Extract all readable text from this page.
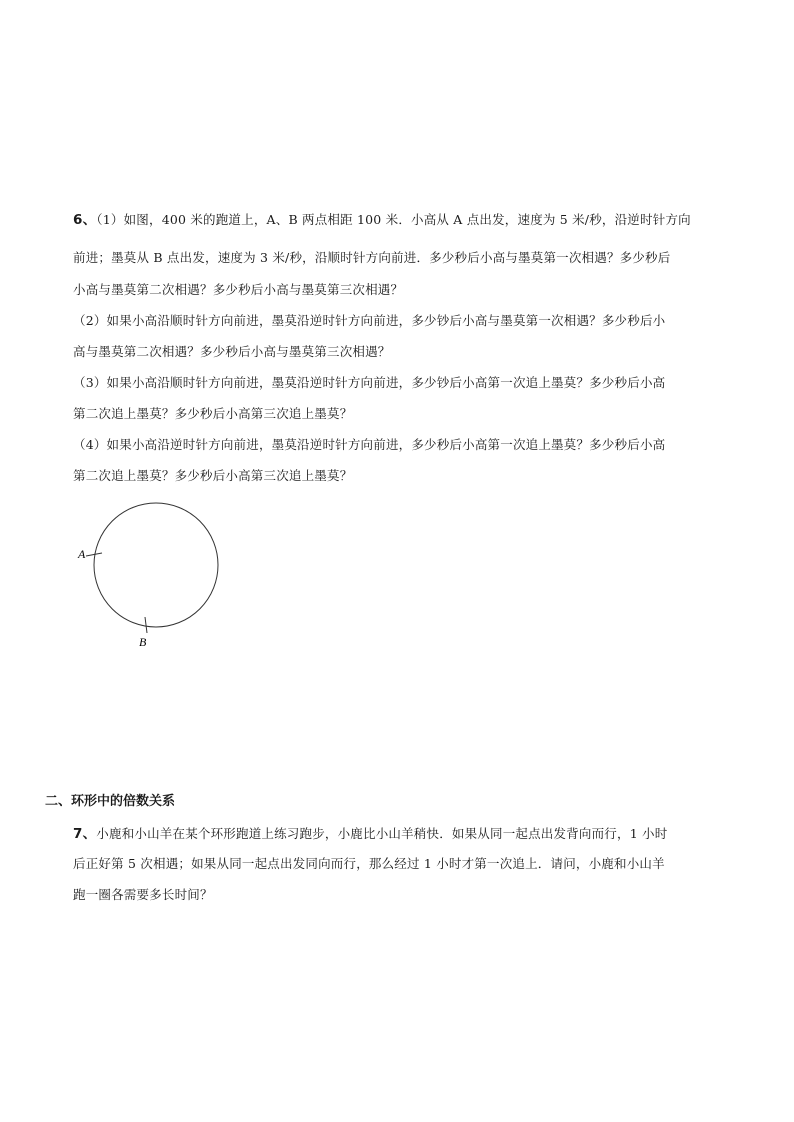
6、（1）如图，400 米的跑道上，A、B 两点相距 100 米．小高从 A 点出发，速度为 5 米/秒，沿逆时针方向
前进；墨莫从 B 点出发，速度为 3 米/秒，沿顺时针方向前进．多少秒后小高与墨莫第一次相遇？多少秒后
小高与墨莫第二次相遇？多少秒后小高与墨莫第三次相遇？
（2）如果小高沿顺时针方向前进，墨莫沿逆时针方向前进，多少钞后小高与墨莫第一次相遇？多少秒后小
高与墨莫第二次相遇？多少秒后小高与墨莫第三次相遇？
（3）如果小高沿顺时针方向前进，墨莫沿逆时针方向前进，多少钞后小高第一次追上墨莫？多少秒后小高
第二次追上墨莫？多少秒后小高第三次追上墨莫？
（4）如果小高沿逆时针方向前进，墨莫沿逆时针方向前进，多少秒后小高第一次追上墨莫？多少秒后小高
第二次追上墨莫？多少秒后小高第三次追上墨莫？
A
B
二、环形中的倍数关系
7、小鹿和小山羊在某个环形跑道上练习跑步，小鹿比小山羊稍快．如果从同一起点出发背向而行，1 小时
后正好第 5 次相遇；如果从同一起点出发同向而行，那么经过 1 小时才第一次追上．请问，小鹿和小山羊
跑一圈各需要多长时间？
